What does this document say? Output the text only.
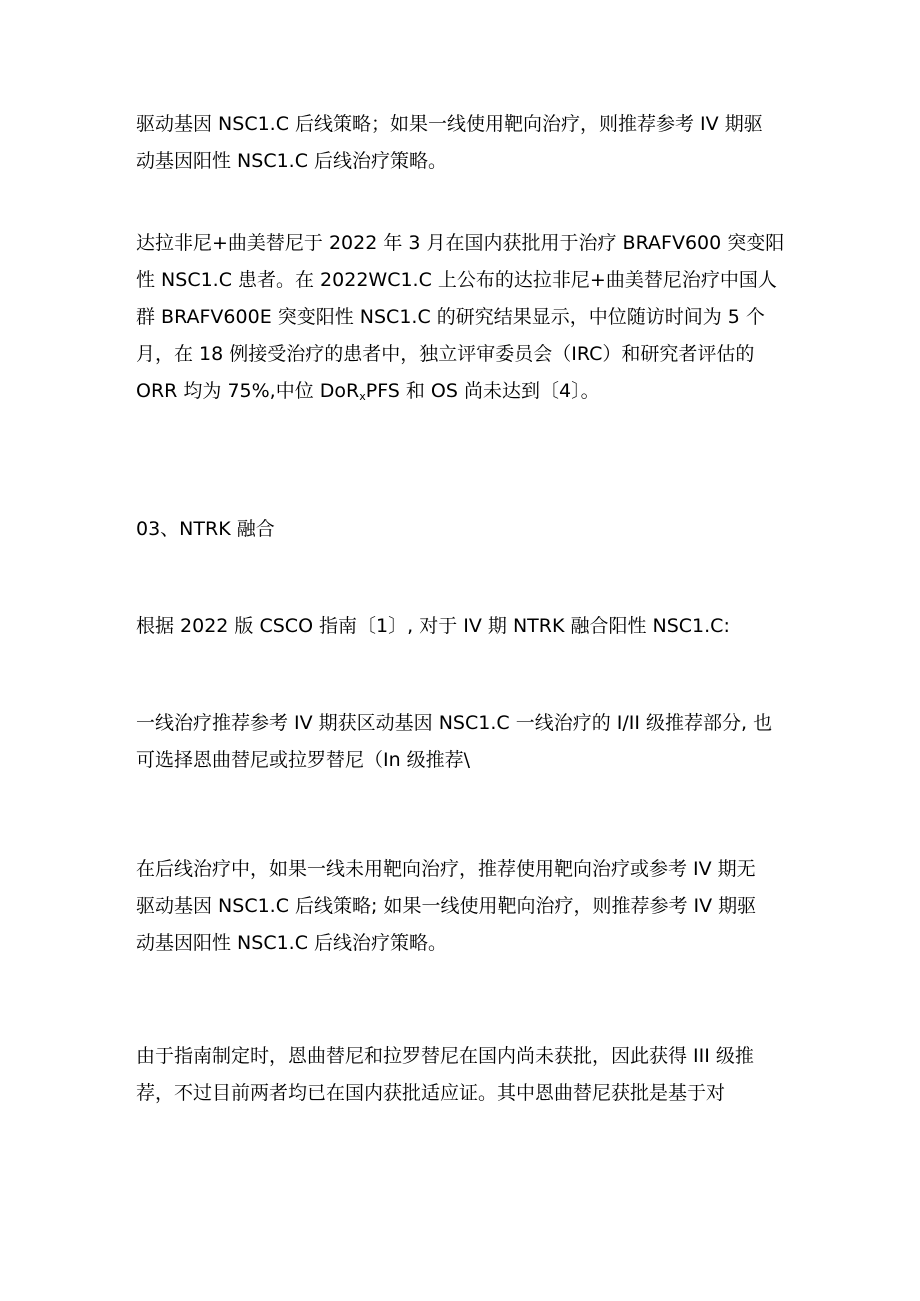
驱动基因 NSC1.C 后线策略；如果一线使用靶向治疗，则推荐参考 IV 期驱
动基因阳性 NSC1.C 后线治疗策略。

达拉非尼+曲美替尼于 2022 年 3 月在国内获批用于治疗 BRAFV600 突变阳
性 NSC1.C 患者。在 2022WC1.C 上公布的达拉非尼+曲美替尼治疗中国人
群 BRAFV600E 突变阳性 NSC1.C 的研究结果显示，中位随访时间为 5 个
月，在 18 例接受治疗的患者中，独立评审委员会（IRC）和研究者评估的
ORR 均为 75%,中位 DoR$_x$PFS 和 OS 尚未达到〔4〕。

03、NTRK 融合

根据 2022 版 CSCO 指南〔1〕, 对于 IV 期 NTRK 融合阳性 NSC1.C:

一线治疗推荐参考 IV 期获区动基因 NSC1.C 一线治疗的 I/II 级推荐部分, 也
可选择恩曲替尼或拉罗替尼（In 级推荐\

在后线治疗中，如果一线未用靶向治疗，推荐使用靶向治疗或参考 IV 期无
驱动基因 NSC1.C 后线策略; 如果一线使用靶向治疗，则推荐参考 IV 期驱
动基因阳性 NSC1.C 后线治疗策略。

由于指南制定时，恩曲替尼和拉罗替尼在国内尚未获批，因此获得 III 级推
荐，不过目前两者均已在国内获批适应证。其中恩曲替尼获批是基于对
